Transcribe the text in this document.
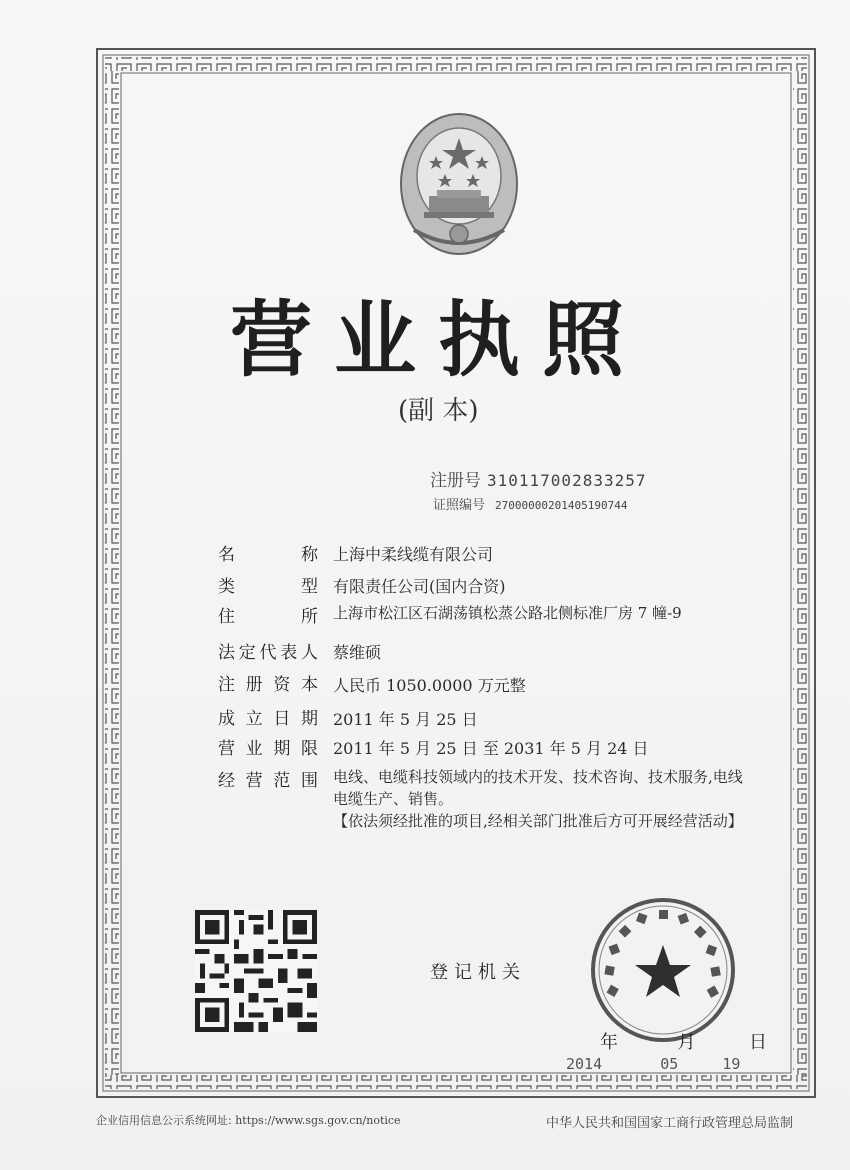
营业执照
(副 本)
注册号 310117002833257
证照编号 27000000201405190744
名 称 上海中柔线缆有限公司
类 型 有限责任公司(国内合资)
住 所 上海市松江区石湖荡镇松蒸公路北侧标准厂房 7 幢-9
法定代表人 蔡维硕
注册资本 人民币 1050.0000 万元整
成立日期 2011 年 5 月 25 日
营业期限 2011 年 5 月 25 日 至 2031 年 5 月 24 日
经营范围 电线、电缆科技领域内的技术开发、技术咨询、技术服务,电线电缆生产、销售。

【依法须经批准的项目,经相关部门批准后方可开展经营活动】

登记机关
年	月	日
2014	05	19
企业信用信息公示系统网址: https://www.sgs.gov.cn/notice	中华人民共和国国家工商行政管理总局监制
